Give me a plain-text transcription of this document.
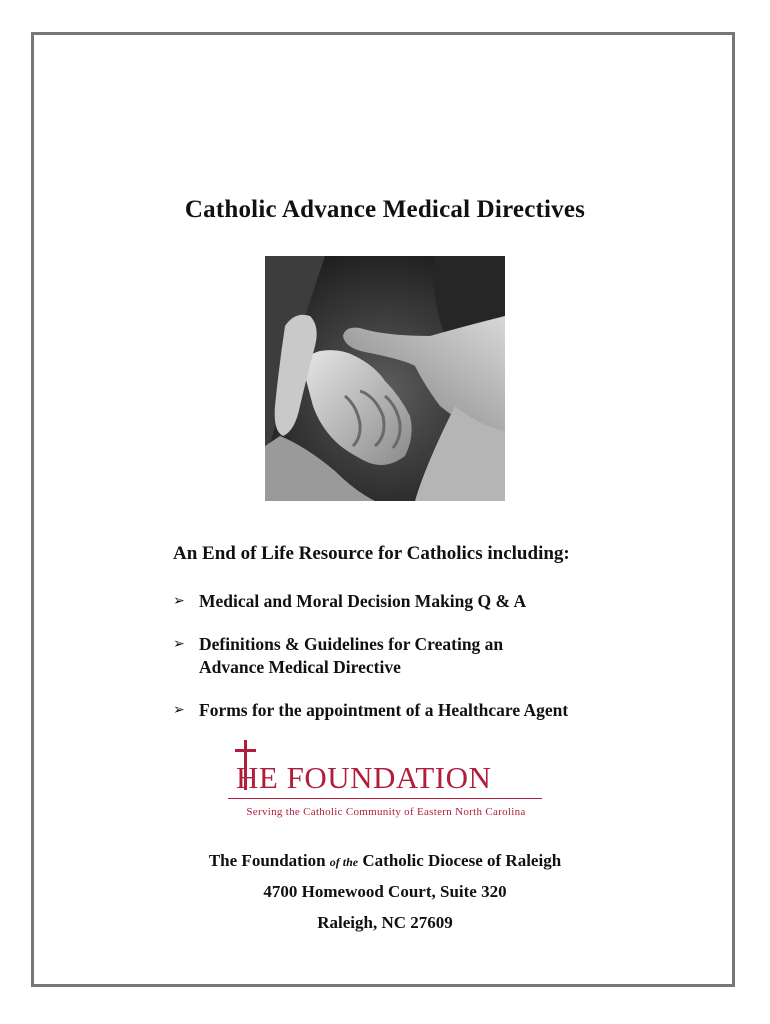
Catholic Advance Medical Directives
An End of Life Resource for Catholics including:
➢ Medical and Moral Decision Making Q & A
➢ Definitions & Guidelines for Creating an Advance Medical Directive
➢ Forms for the appointment of a Healthcare Agent
HE FOUNDATION
Serving the Catholic Community of Eastern North Carolina
The Foundation of the Catholic Diocese of Raleigh
4700 Homewood Court, Suite 320
Raleigh, NC 27609
